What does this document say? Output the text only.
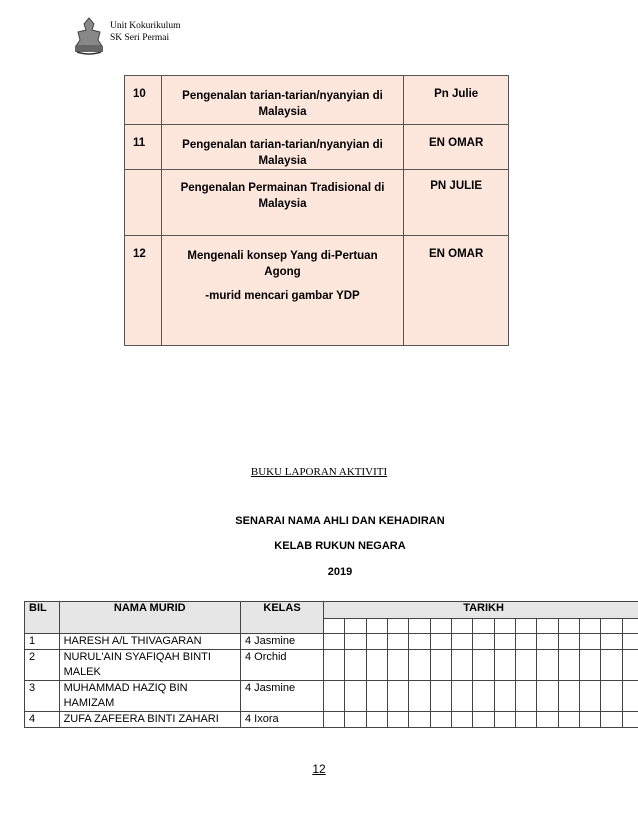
Unit Kokurikulum
SK Seri Permai
10	Pengenalan tarian-tarian/nyanyian di Malaysia	Pn Julie

11	Pengenalan tarian-tarian/nyanyian di Malaysia	EN OMAR

	Pengenalan Permainan Tradisional di Malaysia	PN JULIE

12	Mengenali konsep Yang di-Pertuan Agong
-murid mencari gambar YDP	EN OMAR
BUKU LAPORAN AKTIVITI
SENARAI NAMA AHLI DAN KEHADIRAN
KELAB RUKUN NEGARA
2019
BIL	NAMA MURID	KELAS	TARIKH														

1	HARESH A/L THIVAGARAN	4 Jasmine															
2	NURUL'AIN SYAFIQAH BINTI MALEK	4 Orchid															
3	MUHAMMAD HAZIQ BIN HAMIZAM	4 Jasmine															
4	ZUFA ZAFEERA BINTI ZAHARI	4 Ixora															
12
